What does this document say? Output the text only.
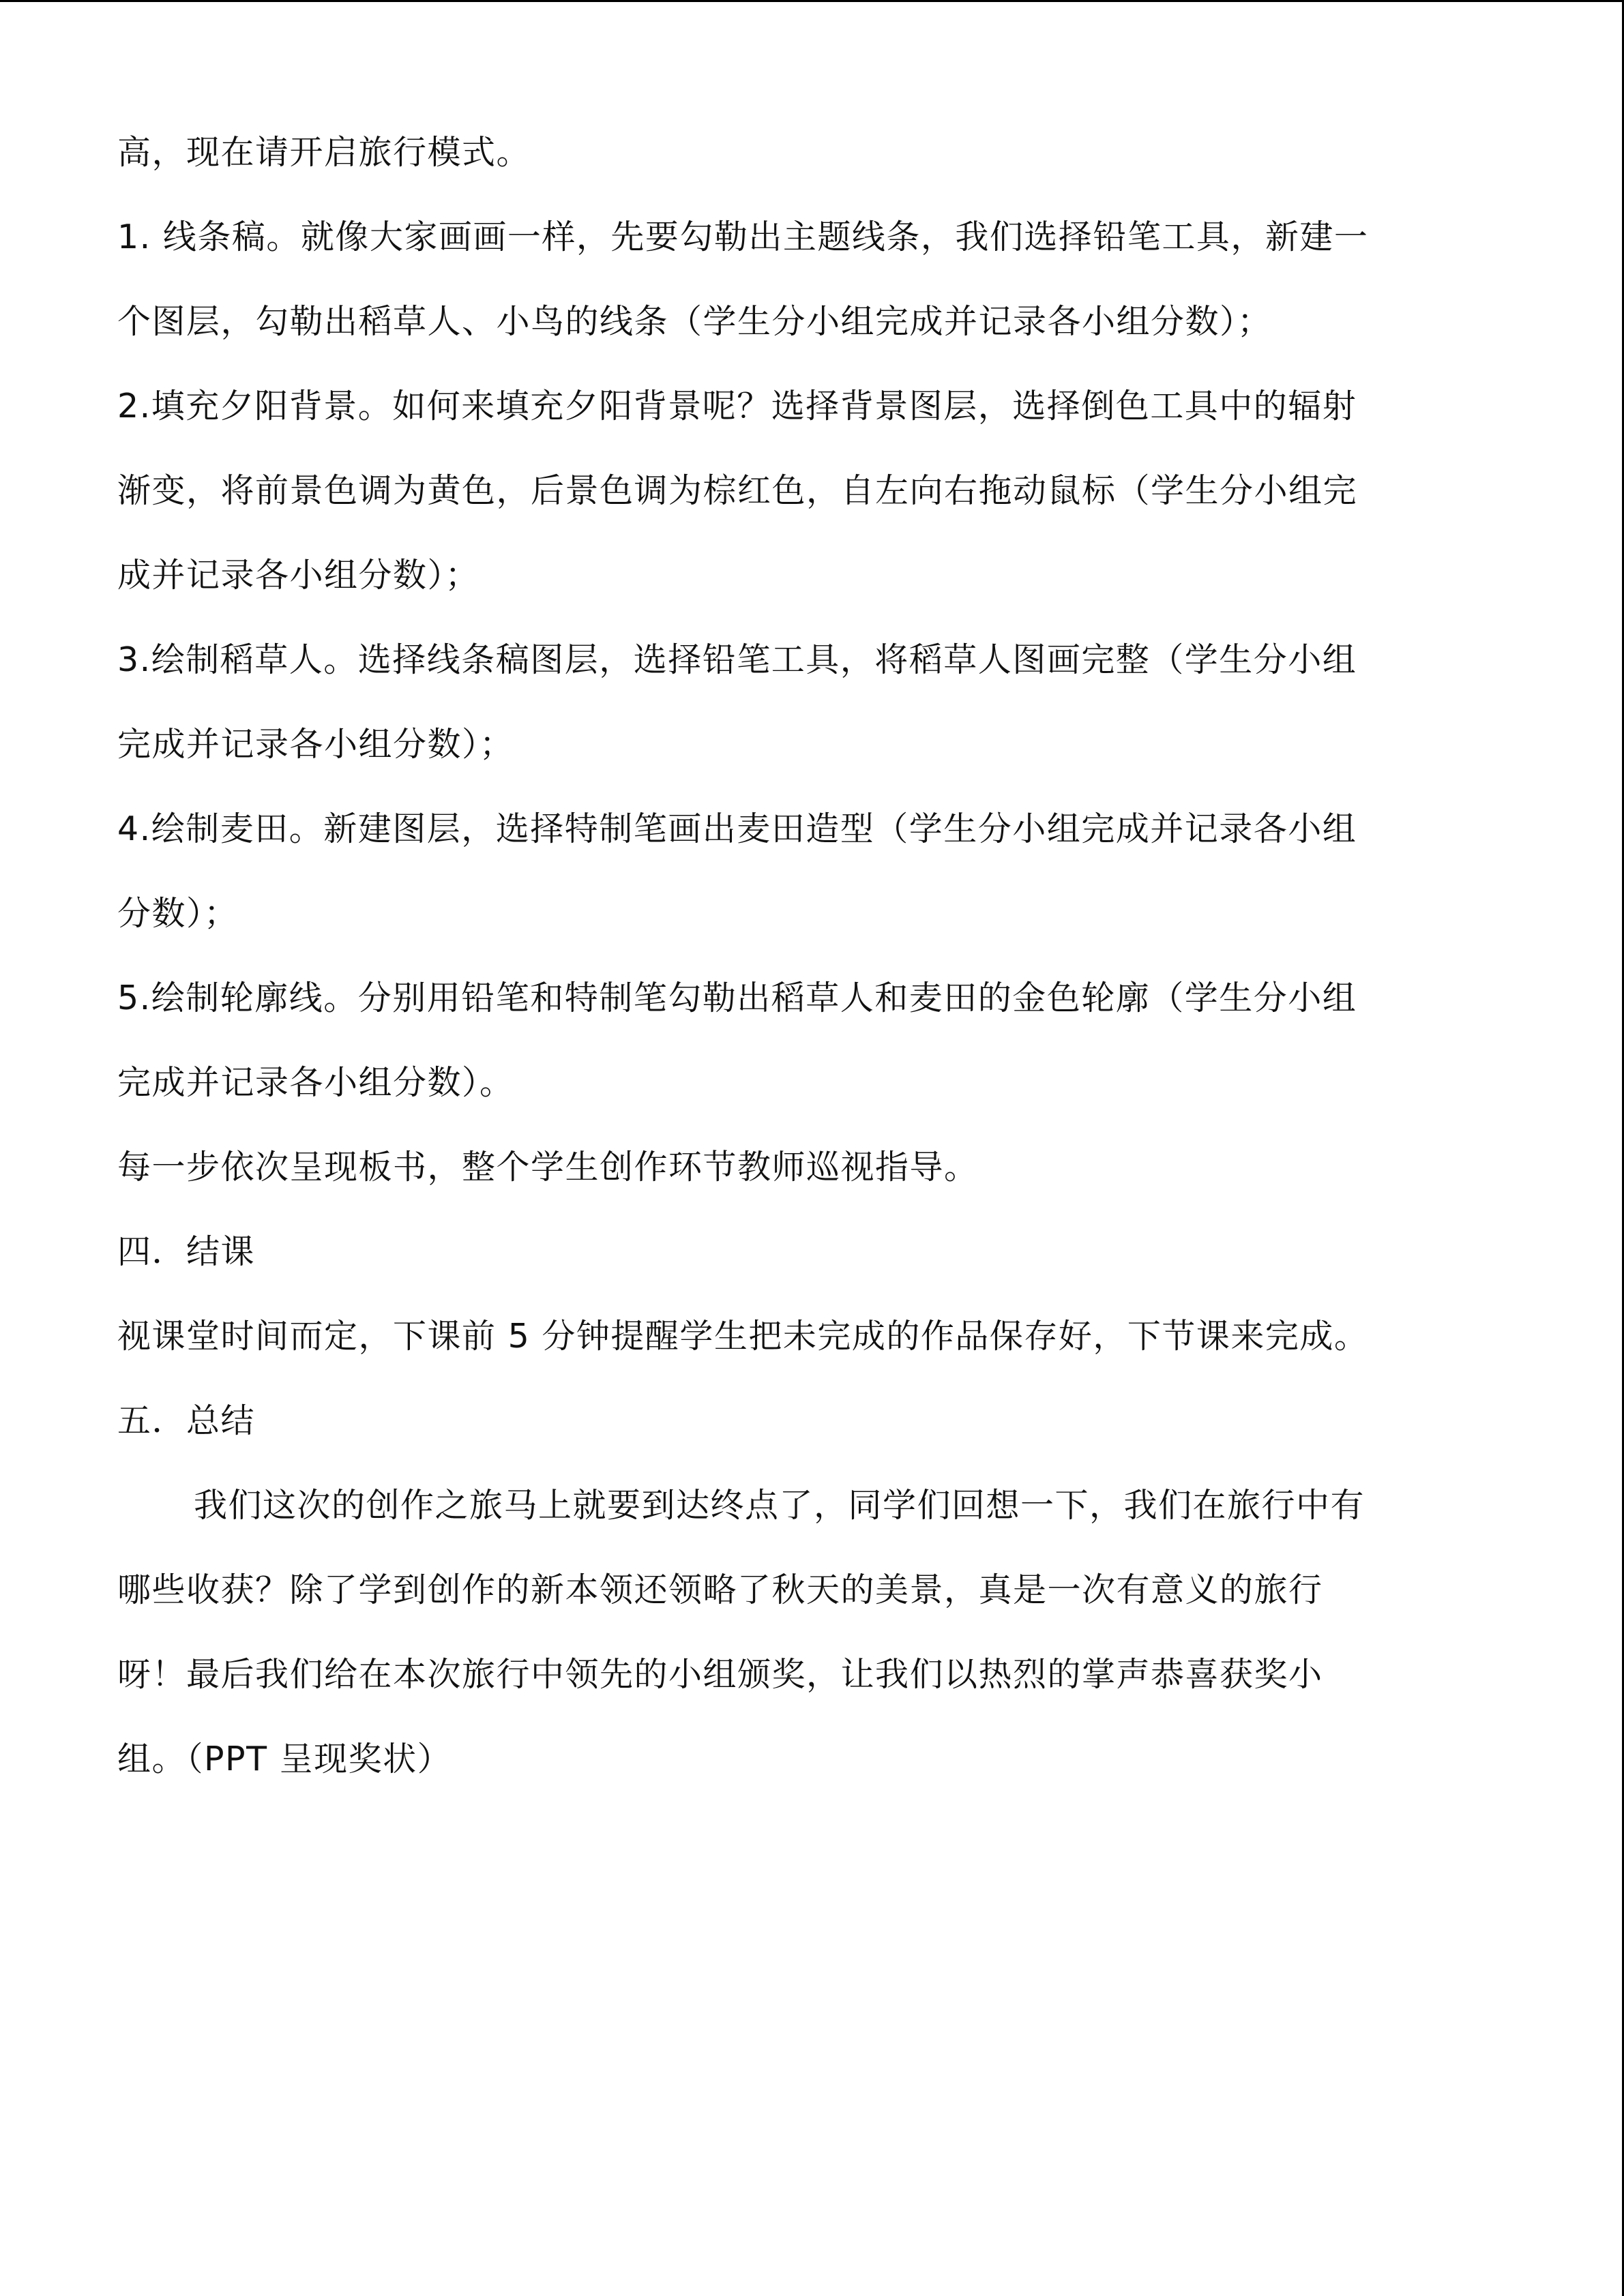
高，现在请开启旅行模式。
1. 线条稿。就像大家画画一样，先要勾勒出主题线条，我们选择铅笔工具，新建一
个图层，勾勒出稻草人、小鸟的线条（学生分小组完成并记录各小组分数）；
2.填充夕阳背景。如何来填充夕阳背景呢？选择背景图层，选择倒色工具中的辐射
渐变，将前景色调为黄色，后景色调为棕红色，自左向右拖动鼠标（学生分小组完
成并记录各小组分数）；
3.绘制稻草人。选择线条稿图层，选择铅笔工具，将稻草人图画完整（学生分小组
完成并记录各小组分数）；
4.绘制麦田。新建图层，选择特制笔画出麦田造型（学生分小组完成并记录各小组
分数）；
5.绘制轮廓线。分别用铅笔和特制笔勾勒出稻草人和麦田的金色轮廓（学生分小组
完成并记录各小组分数）。
每一步依次呈现板书，整个学生创作环节教师巡视指导。
四．结课
视课堂时间而定，下课前 5 分钟提醒学生把未完成的作品保存好，下节课来完成。
五．总结
我们这次的创作之旅马上就要到达终点了，同学们回想一下，我们在旅行中有
哪些收获？除了学到创作的新本领还领略了秋天的美景，真是一次有意义的旅行
呀！最后我们给在本次旅行中领先的小组颁奖，让我们以热烈的掌声恭喜获奖小
组。（PPT 呈现奖状）
